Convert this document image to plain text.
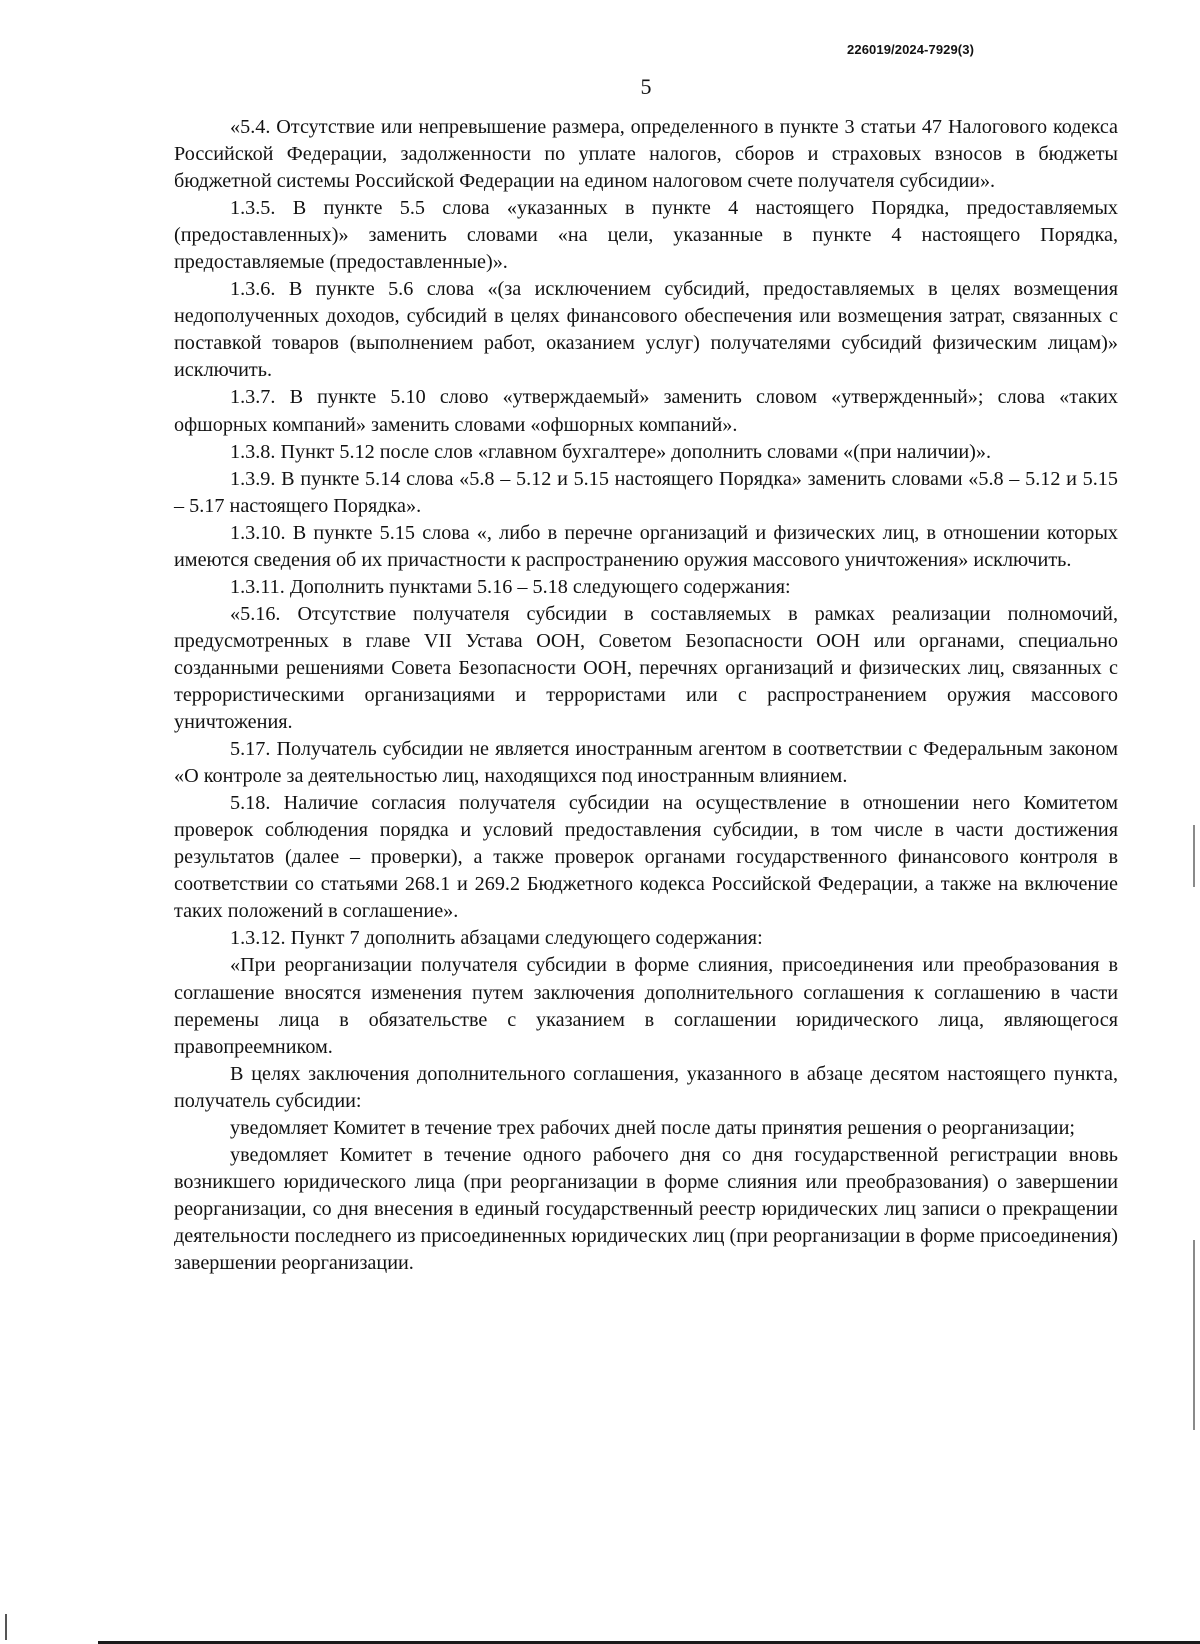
226019/2024-7929(3)
5

«5.4. Отсутствие или непревышение размера, определенного в пункте 3 статьи 47 Налогового кодекса Российской Федерации, задолженности по уплате налогов, сборов и страховых взносов в бюджеты бюджетной системы Российской Федерации на едином налоговом счете получателя субсидии».

1.3.5. В пункте 5.5 слова «указанных в пункте 4 настоящего Порядка, предоставляемых (предоставленных)» заменить словами «на цели, указанные в пункте 4 настоящего Порядка, предоставляемые (предоставленные)».

1.3.6. В пункте 5.6 слова «(за исключением субсидий, предоставляемых в целях возмещения недополученных доходов, субсидий в целях финансового обеспечения или возмещения затрат, связанных с поставкой товаров (выполнением работ, оказанием услуг) получателями субсидий физическим лицам)» исключить.

1.3.7. В пункте 5.10 слово «утверждаемый» заменить словом «утвержденный»; слова «таких офшорных компаний» заменить словами «офшорных компаний».

1.3.8. Пункт 5.12 после слов «главном бухгалтере» дополнить словами «(при наличии)».

1.3.9. В пункте 5.14 слова «5.8 – 5.12 и 5.15 настоящего Порядка» заменить словами «5.8 – 5.12 и 5.15 – 5.17 настоящего Порядка».

1.3.10. В пункте 5.15 слова «, либо в перечне организаций и физических лиц, в отношении которых имеются сведения об их причастности к распространению оружия массового уничтожения» исключить.

1.3.11. Дополнить пунктами 5.16 – 5.18 следующего содержания:

«5.16. Отсутствие получателя субсидии в составляемых в рамках реализации полномочий, предусмотренных в главе VII Устава ООН, Советом Безопасности ООН или органами, специально созданными решениями Совета Безопасности ООН, перечнях организаций и физических лиц, связанных с террористическими организациями и террористами или с распространением оружия массового уничтожения.

5.17. Получатель субсидии не является иностранным агентом в соответствии с Федеральным законом «О контроле за деятельностью лиц, находящихся под иностранным влиянием.

5.18. Наличие согласия получателя субсидии на осуществление в отношении него Комитетом проверок соблюдения порядка и условий предоставления субсидии, в том числе в части достижения результатов (далее – проверки), а также проверок органами государственного финансового контроля в соответствии со статьями 268.1 и 269.2 Бюджетного кодекса Российской Федерации, а также на включение таких положений в соглашение».

1.3.12. Пункт 7 дополнить абзацами следующего содержания:

«При реорганизации получателя субсидии в форме слияния, присоединения или преобразования в соглашение вносятся изменения путем заключения дополнительного соглашения к соглашению в части перемены лица в обязательстве с указанием в соглашении юридического лица, являющегося правопреемником.

В целях заключения дополнительного соглашения, указанного в абзаце десятом настоящего пункта, получатель субсидии:

уведомляет Комитет в течение трех рабочих дней после даты принятия решения о реорганизации;

уведомляет Комитет в течение одного рабочего дня со дня государственной регистрации вновь возникшего юридического лица (при реорганизации в форме слияния или преобразования) о завершении реорганизации, со дня внесения в единый государственный реестр юридических лиц записи о прекращении деятельности последнего из присоединенных юридических лиц (при реорганизации в форме присоединения) завершении реорганизации.
